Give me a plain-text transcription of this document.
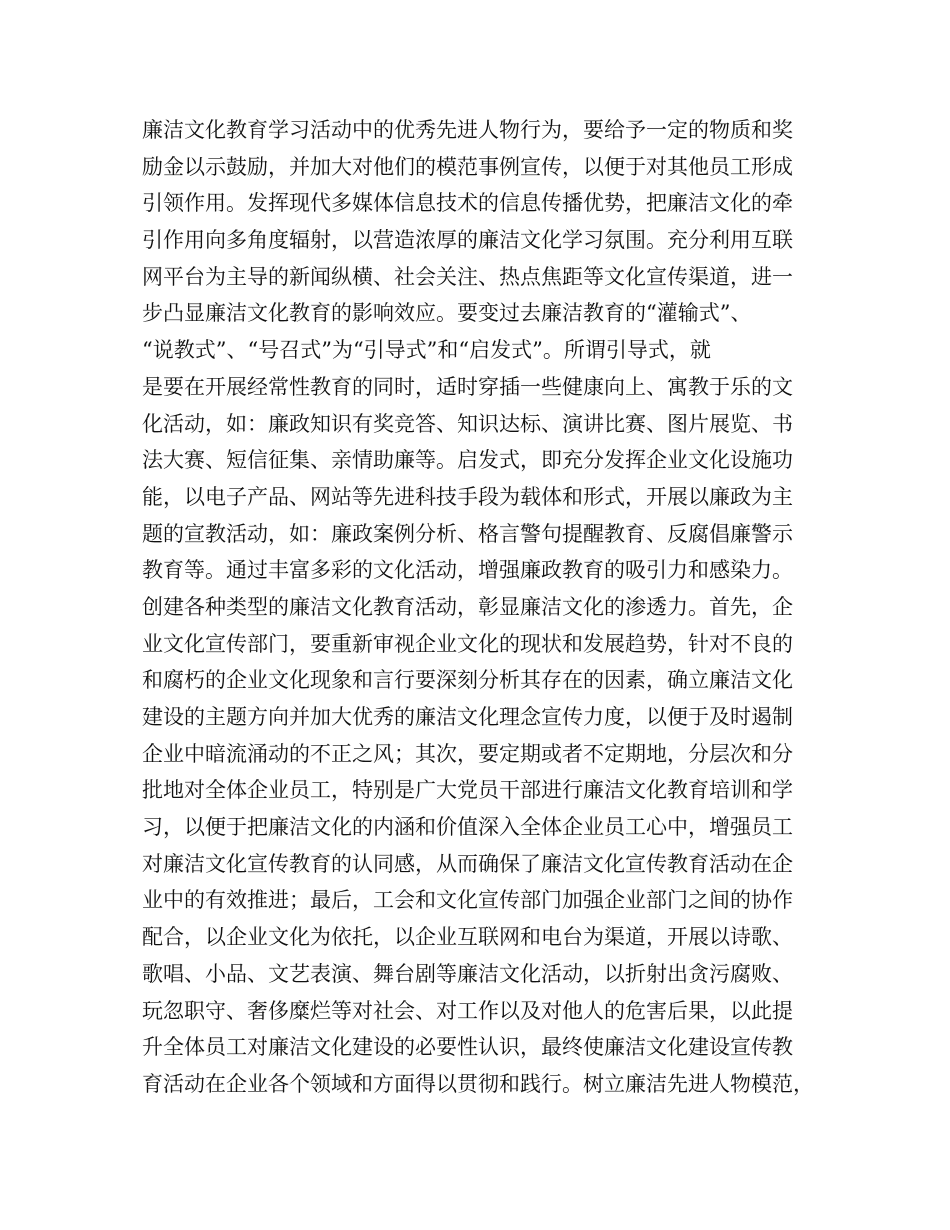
廉洁文化教育学习活动中的优秀先进人物行为，要给予一定的物质和奖
励金以示鼓励，并加大对他们的模范事例宣传，以便于对其他员工形成
引领作用。发挥现代多媒体信息技术的信息传播优势，把廉洁文化的牵
引作用向多角度辐射，以营造浓厚的廉洁文化学习氛围。充分利用互联
网平台为主导的新闻纵横、社会关注、热点焦距等文化宣传渠道，进一
步凸显廉洁文化教育的影响效应。要变过去廉洁教育的“灌输式”、
“说教式”、“号召式”为“引导式”和“启发式”。所谓引导式，就
是要在开展经常性教育的同时，适时穿插一些健康向上、寓教于乐的文
化活动，如：廉政知识有奖竞答、知识达标、演讲比赛、图片展览、书
法大赛、短信征集、亲情助廉等。启发式，即充分发挥企业文化设施功
能，以电子产品、网站等先进科技手段为载体和形式，开展以廉政为主
题的宣教活动，如：廉政案例分析、格言警句提醒教育、反腐倡廉警示
教育等。通过丰富多彩的文化活动，增强廉政教育的吸引力和感染力。
创建各种类型的廉洁文化教育活动，彰显廉洁文化的渗透力。首先，企
业文化宣传部门，要重新审视企业文化的现状和发展趋势，针对不良的
和腐朽的企业文化现象和言行要深刻分析其存在的因素，确立廉洁文化
建设的主题方向并加大优秀的廉洁文化理念宣传力度，以便于及时遏制
企业中暗流涌动的不正之风；其次，要定期或者不定期地，分层次和分
批地对全体企业员工，特别是广大党员干部进行廉洁文化教育培训和学
习，以便于把廉洁文化的内涵和价值深入全体企业员工心中，增强员工
对廉洁文化宣传教育的认同感，从而确保了廉洁文化宣传教育活动在企
业中的有效推进；最后，工会和文化宣传部门加强企业部门之间的协作
配合，以企业文化为依托，以企业互联网和电台为渠道，开展以诗歌、
歌唱、小品、文艺表演、舞台剧等廉洁文化活动，以折射出贪污腐败、
玩忽职守、奢侈糜烂等对社会、对工作以及对他人的危害后果，以此提
升全体员工对廉洁文化建设的必要性认识，最终使廉洁文化建设宣传教
育活动在企业各个领域和方面得以贯彻和践行。树立廉洁先进人物模范，
